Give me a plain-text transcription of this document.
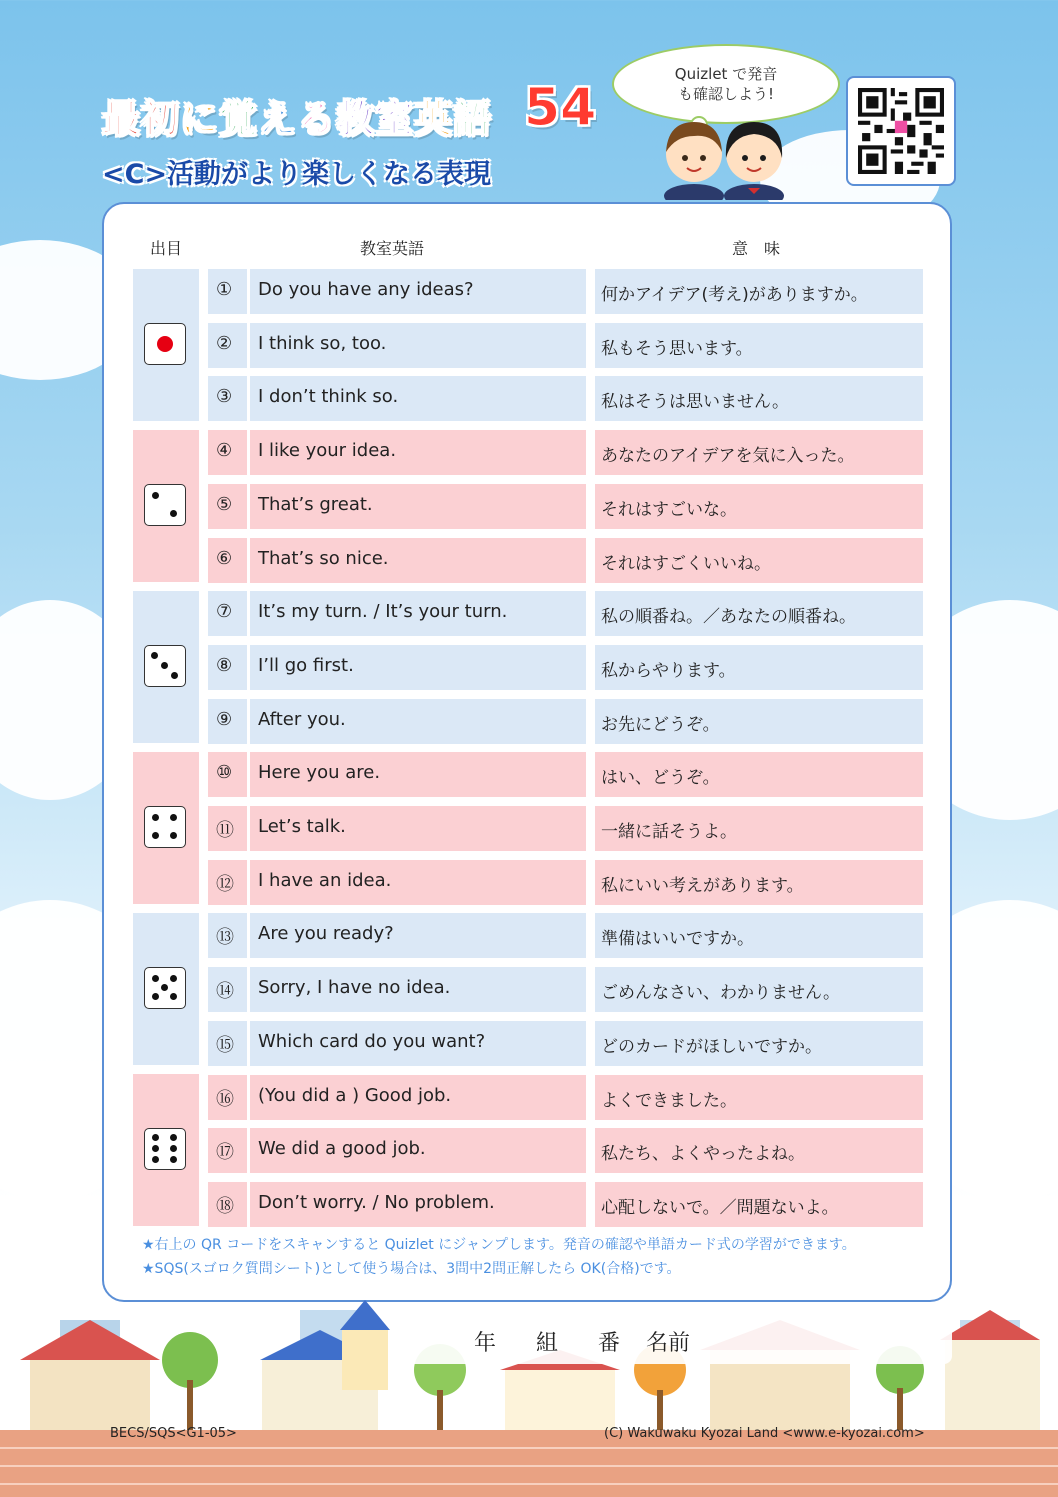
最初に覚える教室英語 54
<C>活動がより楽しくなる表現
Quizlet で発音
も確認しよう!
出目	教室英語	意　味
① Do you have any ideas?	何かアイデア(考え)がありますか。
② I think so, too.	私もそう思います。
③ I don’t think so.	私はそうは思いません。
④ I like your idea.	あなたのアイデアを気に入った。
⑤ That’s great.	それはすごいな。
⑥ That’s so nice.	それはすごくいいね。
⑦ It’s my turn. / It’s your turn.	私の順番ね。／あなたの順番ね。
⑧ I’ll go first.	私からやります。
⑨ After you.	お先にどうぞ。
⑩ Here you are.	はい、どうぞ。
⑪ Let’s talk.	一緒に話そうよ。
⑫ I have an idea.	私にいい考えがあります。
⑬ Are you ready?	準備はいいですか。
⑭ Sorry, I have no idea.	ごめんなさい、わかりません。
⑮ Which card do you want?	どのカードがほしいですか。
⑯ (You did a ) Good job.	よくできました。
⑰ We did a good job.	私たち、よくやったよね。
⑱ Don’t worry. / No problem.	心配しないで。／問題ないよ。
★右上の QR コードをスキャンすると Quizlet にジャンプします。発音の確認や単語カード式の学習ができます。
★SQS(スゴロク質問シート)として使う場合は、3問中2問正解したら OK(合格)です。
年 組 番 名前
BECS/SQS<G1-05>	(C) Wakuwaku Kyozai Land <www.e-kyozai.com>
